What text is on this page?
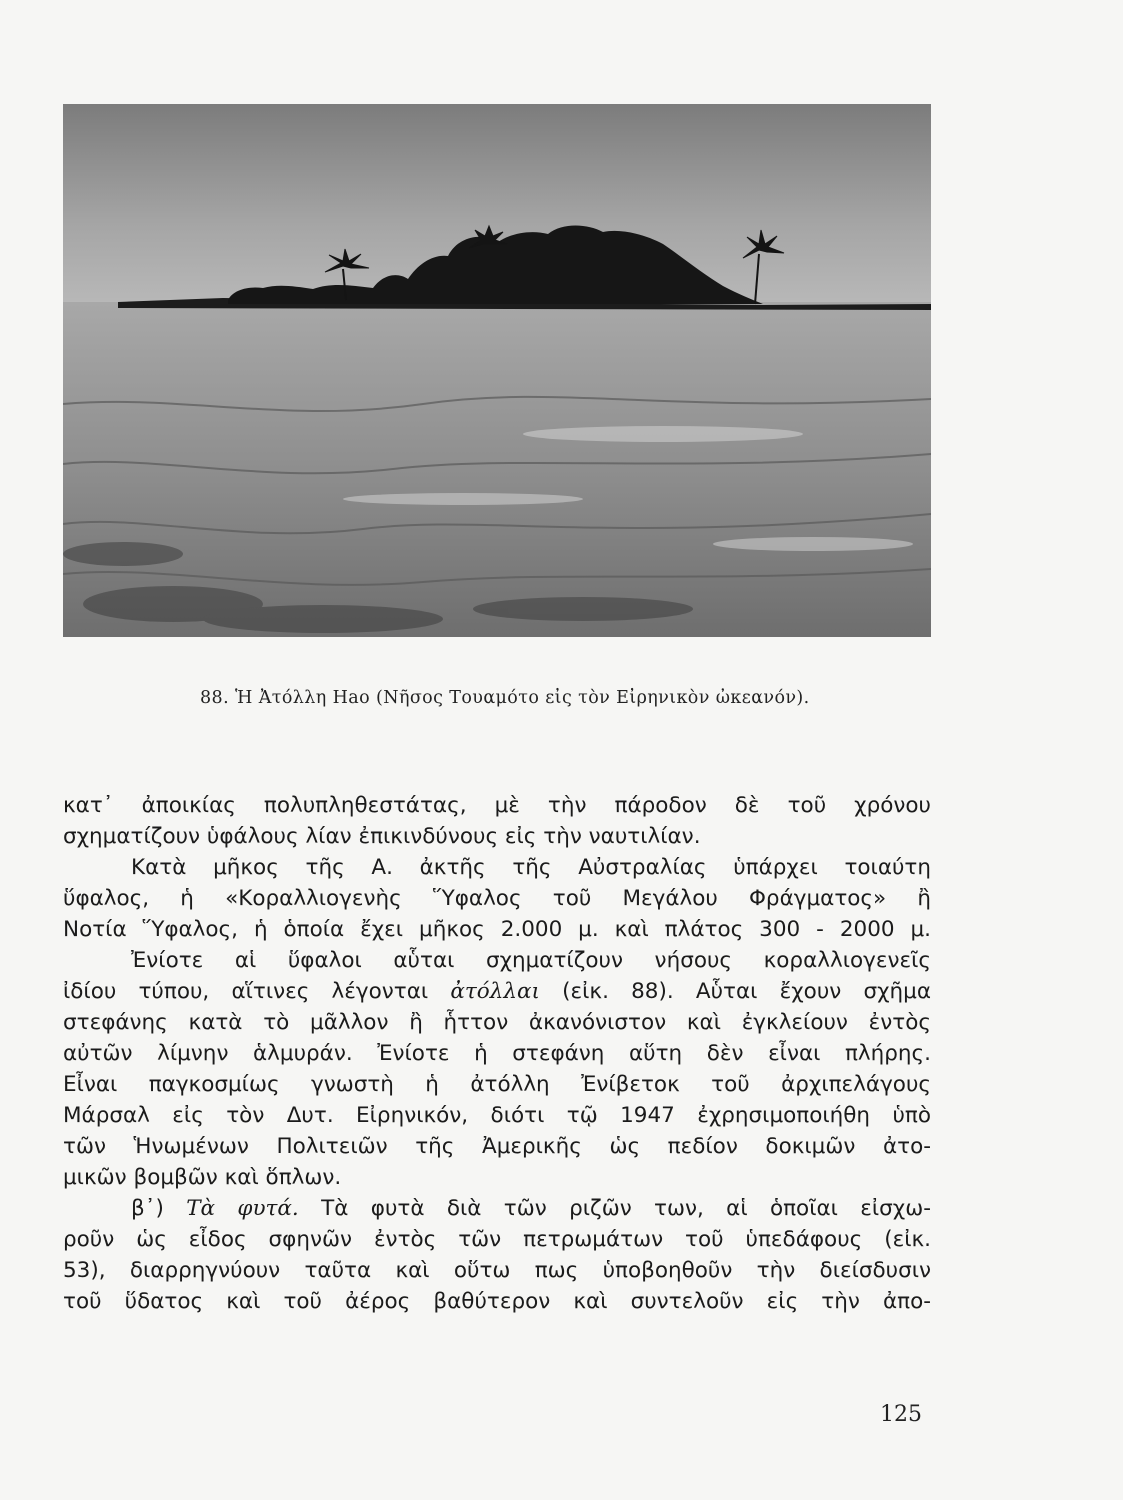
88. Ἡ Ἀτόλλη Hao (Νῆσος Τουαμότο εἰς τὸν Εἰρηνικὸν ὠκεανόν).
κατ᾿ ἀποικίας πολυπληθεστάτας, μὲ τὴν πάροδον δὲ τοῦ χρόνου
σχηματίζουν ὑφάλους λίαν ἐπικινδύνους εἰς τὴν ναυτιλίαν.
Κατὰ μῆκος τῆς Α. ἀκτῆς τῆς Αὐστραλίας ὑπάρχει τοιαύτη
ὕφαλος, ἡ «Κοραλλιογενὴς Ὕφαλος τοῦ Μεγάλου Φράγματος» ἢ
Νοτία Ὕφαλος, ἡ ὁποία ἔχει μῆκος 2.000 μ. καὶ πλάτος 300 - 2000 μ.
Ἐνίοτε αἱ ὕφαλοι αὗται σχηματίζουν νήσους κοραλλιογενεῖς
ἰδίου τύπου, αἵτινες λέγονται ἀτόλλαι (εἰκ. 88). Αὗται ἔχουν σχῆμα
στεφάνης κατὰ τὸ μᾶλλον ἢ ἧττον ἀκανόνιστον καὶ ἐγκλείουν ἐντὸς
αὐτῶν λίμνην ἁλμυράν. Ἐνίοτε ἡ στεφάνη αὕτη δὲν εἶναι πλήρης.
Εἶναι παγκοσμίως γνωστὴ ἡ ἀτόλλη Ἐνίβετοκ τοῦ ἀρχιπελάγους
Μάρσαλ εἰς τὸν Δυτ. Εἰρηνικόν, διότι τῷ 1947 ἐχρησιμοποιήθη ὑπὸ
τῶν Ἡνωμένων Πολιτειῶν τῆς Ἀμερικῆς ὡς πεδίον δοκιμῶν ἀτο-
μικῶν βομβῶν καὶ ὅπλων.
β᾿) Τὰ φυτά. Τὰ φυτὰ διὰ τῶν ριζῶν των, αἱ ὁποῖαι εἰσχω-
ροῦν ὡς εἶδος σφηνῶν ἐντὸς τῶν πετρωμάτων τοῦ ὑπεδάφους (εἰκ.
53), διαρρηγνύουν ταῦτα καὶ οὕτω πως ὑποβοηθοῦν τὴν διείσδυσιν
τοῦ ὕδατος καὶ τοῦ ἀέρος βαθύτερον καὶ συντελοῦν εἰς τὴν ἀπο-
125
